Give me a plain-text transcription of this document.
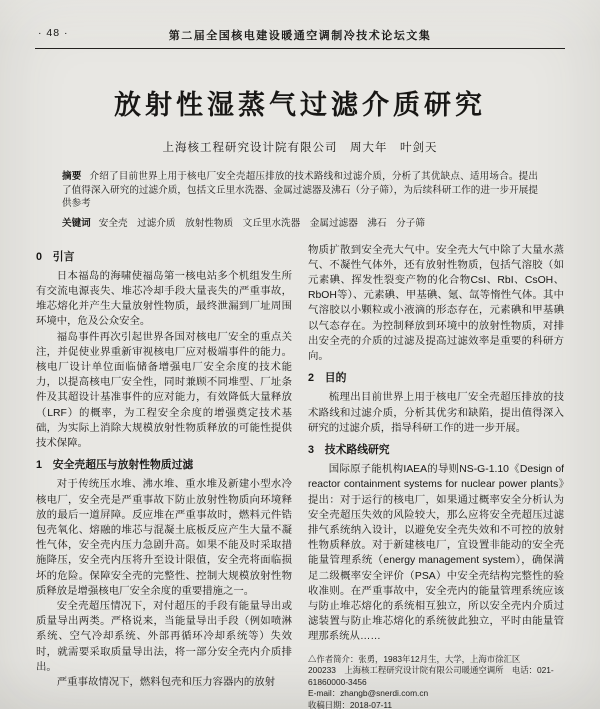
· 48 ·	第二届全国核电建设暖通空调制冷技术论坛文集
放射性湿蒸气过滤介质研究
上海核工程研究设计院有限公司　周大年　叶剑天
摘要 介绍了目前世界上用于核电厂安全壳超压排放的技术路线和过滤介质，分析了其优缺点、适用场合。提出了值得深入研究的过滤介质，包括文丘里水洗器、金属过滤器及沸石（分子筛），为后续科研工作的进一步开展提供参考
关键词 安全壳　过滤介质　放射性物质　文丘里水洗器　金属过滤器　沸石　分子筛
0　引言

日本福岛的海啸使福岛第一核电站多个机组发生所有交流电源丧失、堆芯冷却手段大量丧失的严重事故，堆芯熔化并产生大量放射性物质，最终泄漏到厂址周围环境中，危及公众安全。

福岛事件再次引起世界各国对核电厂安全的重点关注，并促使业界重新审视核电厂应对极端事件的能力。核电厂设计单位面临储备增强电厂安全余度的技术能力，以提高核电厂安全性，同时兼顾不同堆型、厂址条件及其超设计基准事件的应对能力，有效降低大量释放（LRF）的概率，为工程安全余度的增强奠定技术基础，为实际上消除大规模放射性物质释放的可能性提供技术保障。

1　安全壳超压与放射性物质过滤

对于传统压水堆、沸水堆、重水堆及新建小型水冷核电厂，安全壳是严重事故下防止放射性物质向环境释放的最后一道屏障。反应堆在严重事故时，燃料元件锆包壳氧化、熔融的堆芯与混凝土底板反应产生大量不凝性气体，安全壳内压力急剧升高。如果不能及时采取措施降压，安全壳内压将升至设计限值，安全壳将面临损坏的危险。保障安全壳的完整性、控制大规模放射性物质释放是增强核电厂安全余度的重要措施之一。

安全壳超压情况下，对付超压的手段有能量导出或质量导出两类。严格说来，当能量导出手段（例如喷淋系统、空气冷却系统、外部再循环冷却系统等）失效时，就需要采取质量导出法，将一部分安全壳内介质排出。

严重事故情况下，燃料包壳和压力容器内的放射

物质扩散到安全壳大气中。安全壳大气中除了大量水蒸气、不凝性气体外，还有放射性物质，包括气溶胶（如元素碘、挥发性裂变产物的化合物CsI、RbI、CsOH、RbOH等）、元素碘、甲基碘、氪、氙等惰性气体。其中气溶胶以小颗粒或小液滴的形态存在，元素碘和甲基碘以气态存在。为控制释放到环境中的放射性物质，对排出安全壳的介质的过滤及提高过滤效率是重要的科研方向。

2　目的

梳理出目前世界上用于核电厂安全壳超压排放的技术路线和过滤介质，分析其优劣和缺陷，提出值得深入研究的过滤介质，指导科研工作的进一步开展。

3　技术路线研究

国际原子能机构IAEA的导则NS-G-1.10《Design of reactor containment systems for nuclear power plants》提出：对于运行的核电厂，如果通过概率安全分析认为安全壳超压失效的风险较大，那么应将安全壳超压过滤排气系统纳入设计，以避免安全壳失效和不可控的放射性物质释放。对于新建核电厂，宜设置非能动的安全壳能量管理系统（energy management system），确保满足二级概率安全评价（PSA）中安全壳结构完整性的验收准则。在严重事故中，安全壳内的能量管理系统应该与防止堆芯熔化的系统相互独立，所以安全壳内介质过滤装置与防止堆芯熔化的系统彼此独立，平时由能量管理那系统从……

△作者简介：张勇，1983年12月生，大学，上海市徐汇区
200233　上海核工程研究设计院有限公司暖通空调所　电话：021-
61860000-3456
E-mail：zhangb@snerdi.com.cn
收稿日期：2018-07-11
